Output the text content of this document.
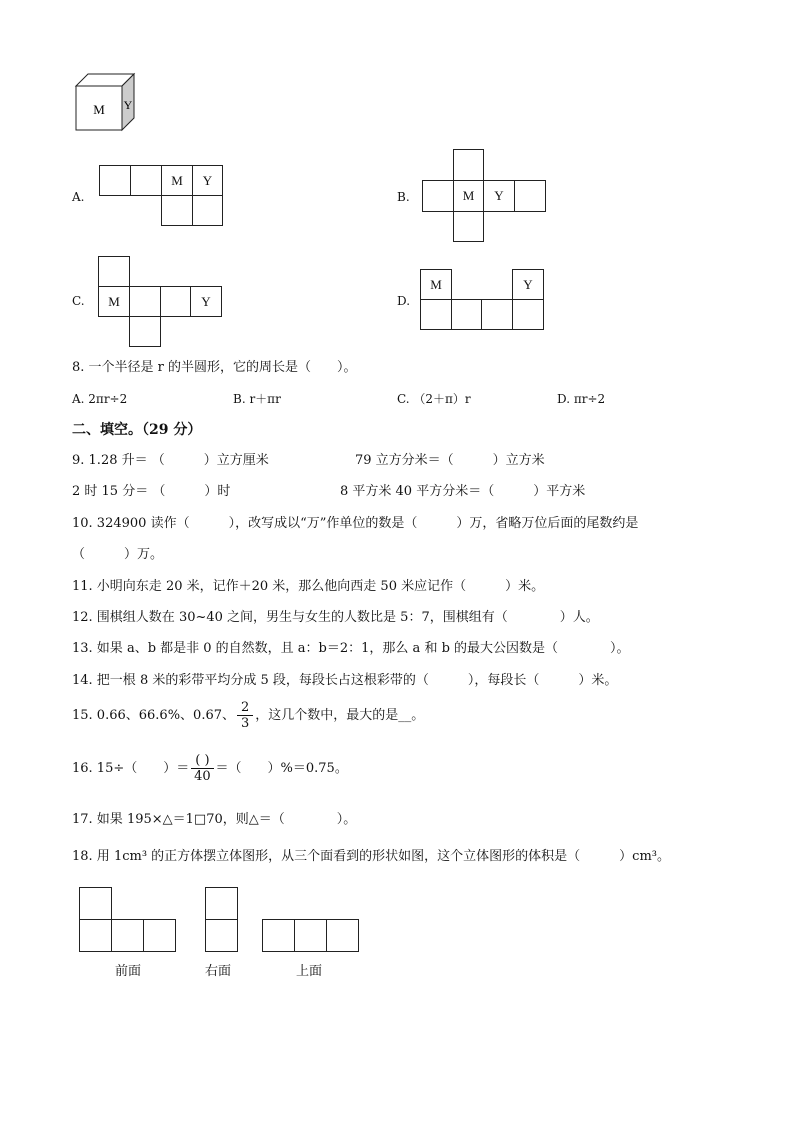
M Y
A.
M	Y
B.	M	Y
C.	M	Y	D.
M	Y
8. 一个半径是 r 的半圆形，它的周长是（　　）。
A. 2πr÷2	B. r＋πr	C. （2＋π）r	D. πr÷2
二、填空。（29 分）
9. 1.28 升＝ （　　　）立方厘米	79 立方分米＝（　　　）立方米
2 时 15 分＝ （　　　）时	8 平方米 40 平方分米＝（　　　）平方米
10. 324900 读作（　　　），改写成以“万”作单位的数是（　　　）万，省略万位后面的尾数约是
（　　　）万。
11. 小明向东走 20 米，记作＋20 米，那么他向西走 50 米应记作（　　　）米。
12. 围棋组人数在 30~40 之间，男生与女生的人数比是 5：7，围棋组有（　　　　）人。
13. 如果 a、b 都是非 0 的自然数，且 a：b＝2：1，那么 a 和 b 的最大公因数是（　　　　）。
14. 把一根 8 米的彩带平均分成 5 段，每段长占这根彩带的（　　　），每段长（　　　）米。
15. 0.66、66.6%、0.67、 $\frac{2}{3}$ ，这几个数中，最大的是__。
16. 15÷（　　）＝ $\frac{( )}{40}$ ＝（　　）%＝0.75。
17. 如果 195×△＝1□70，则△＝（　　　　）。
18. 用 1cm³ 的正方体摆立体图形，从三个面看到的形状如图，这个立体图形的体积是（　　　）cm³。
前面	右面	上面
